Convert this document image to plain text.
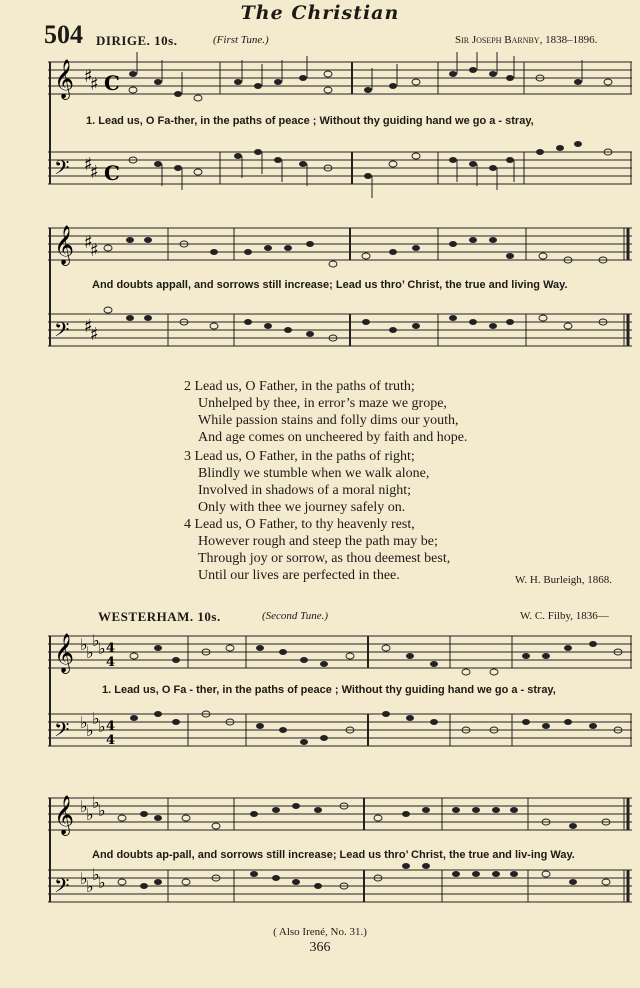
The Christian
504 DIRIGE. 10s.	(First Tune.)	Sir Joseph Barnby, 1838–1896.
𝄞
𝄢
♯
♯
♯
♯
C
C
1. Lead us, O Fa-ther, in the paths of peace ; Without thy guiding hand we go a - stray,
𝄞
𝄢
♯
♯
♯
♯
And doubts appall, and sorrows still increase; Lead us thro’ Christ, the true and living Way.
2 Lead us, O Father, in the paths of truth;
Unhelped by thee, in error’s maze we grope,
While passion stains and folly dims our youth,
And age comes on uncheered by faith and hope.
3 Lead us, O Father, in the paths of right;
Blindly we stumble when we walk alone,
Involved in shadows of a moral night;
Only with thee we journey safely on.
4 Lead us, O Father, to thy heavenly rest,
However rough and steep the path may be;
Through joy or sorrow, as thou deemest best,
Until our lives are perfected in thee.	W. H. Burleigh, 1868.
WESTERHAM. 10s.	(Second Tune.)	W. C. Filby, 1836—
𝄞
𝄢
♭
♭
♭
♭
♭
♭
♭
♭
4
4
4
4
1. Lead us, O Fa - ther, in the paths of peace ; Without thy guiding hand we go a - stray,
𝄞
𝄢
♭
♭
♭
♭
♭
♭
♭
♭
And doubts ap-pall, and sorrows still increase; Lead us thro’ Christ, the true and liv-ing Way.
( Also Irené, No. 31.)
366
